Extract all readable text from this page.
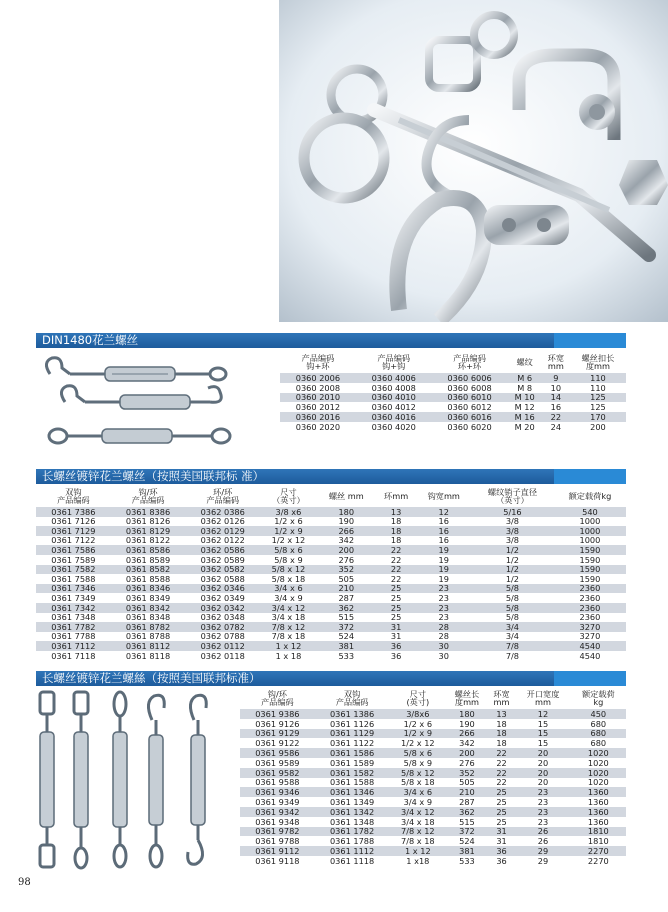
DIN1480花兰螺丝
产品编码
钩+环	产品编码
钩+钩	产品编码
环+环	螺纹	环宽
mm	螺丝扣长
度mm
0360 2006	0360 4006	0360 6006	M 6	9	110
0360 2008	0360 4008	0360 6008	M 8	10	110
0360 2010	0360 4010	0360 6010	M 10	14	125
0360 2012	0360 4012	0360 6012	M 12	16	125
0360 2016	0360 4016	0360 6016	M 16	22	170
0360 2020	0360 4020	0360 6020	M 20	24	200
长螺丝镀锌花兰螺丝（按照美国联邦标 准）
双钩
产品编码	钩/环
产品编码	环/环
产品编码	尺寸
（英寸）	螺丝 mm	环mm	钩宽mm	螺纹销子直径
（英寸）	额定载荷kg
0361 7386	0361 8386	0362 0386	3/8 x6	180	13	12	5/16	540
0361 7126	0361 8126	0362 0126	1/2 x 6	190	18	16	3/8	1000
0361 7129	0361 8129	0362 0129	1/2 x 9	266	18	16	3/8	1000
0361 7122	0361 8122	0362 0122	1/2 x 12	342	18	16	3/8	1000
0361 7586	0361 8586	0362 0586	5/8 x 6	200	22	19	1/2	1590
0361 7589	0361 8589	0362 0589	5/8 x 9	276	22	19	1/2	1590
0361 7582	0361 8582	0362 0582	5/8 x 12	352	22	19	1/2	1590
0361 7588	0361 8588	0362 0588	5/8 x 18	505	22	19	1/2	1590
0361 7346	0361 8346	0362 0346	3/4 x 6	210	25	23	5/8	2360
0361 7349	0361 8349	0362 0349	3/4 x 9	287	25	23	5/8	2360
0361 7342	0361 8342	0362 0342	3/4 x 12	362	25	23	5/8	2360
0361 7348	0361 8348	0362 0348	3/4 x 18	515	25	23	5/8	2360
0361 7782	0361 8782	0362 0782	7/8 x 12	372	31	28	3/4	3270
0361 7788	0361 8788	0362 0788	7/8 x 18	524	31	28	3/4	3270
0361 7112	0361 8112	0362 0112	1 x 12	381	36	30	7/8	4540
0361 7118	0361 8118	0362 0118	1 x 18	533	36	30	7/8	4540
长螺丝镀锌花兰螺絲（按照美国联邦标准）
钩/环
产品编码	双钩
产品编码	尺寸
(英寸)	螺丝长
度mm	环宽
mm	开口宽度
mm	额定载荷
kg
0361 9386	0361 1386	3/8x6	180	13	12	450
0361 9126	0361 1126	1/2 x 6	190	18	15	680
0361 9129	0361 1129	1/2 x 9	266	18	15	680
0361 9122	0361 1122	1/2 x 12	342	18	15	680
0361 9586	0361 1586	5/8 x 6	200	22	20	1020
0361 9589	0361 1589	5/8 x 9	276	22	20	1020
0361 9582	0361 1582	5/8 x 12	352	22	20	1020
0361 9588	0361 1588	5/8 x 18	505	22	20	1020
0361 9346	0361 1346	3/4 x 6	210	25	23	1360
0361 9349	0361 1349	3/4 x 9	287	25	23	1360
0361 9342	0361 1342	3/4 x 12	362	25	23	1360
0361 9348	0361 1348	3/4 x 18	515	25	23	1360
0361 9782	0361 1782	7/8 x 12	372	31	26	1810
0361 9788	0361 1788	7/8 x 18	524	31	26	1810
0361 9112	0361 1112	1 x 12	381	36	29	2270
0361 9118	0361 1118	1 x18	533	36	29	2270
98
